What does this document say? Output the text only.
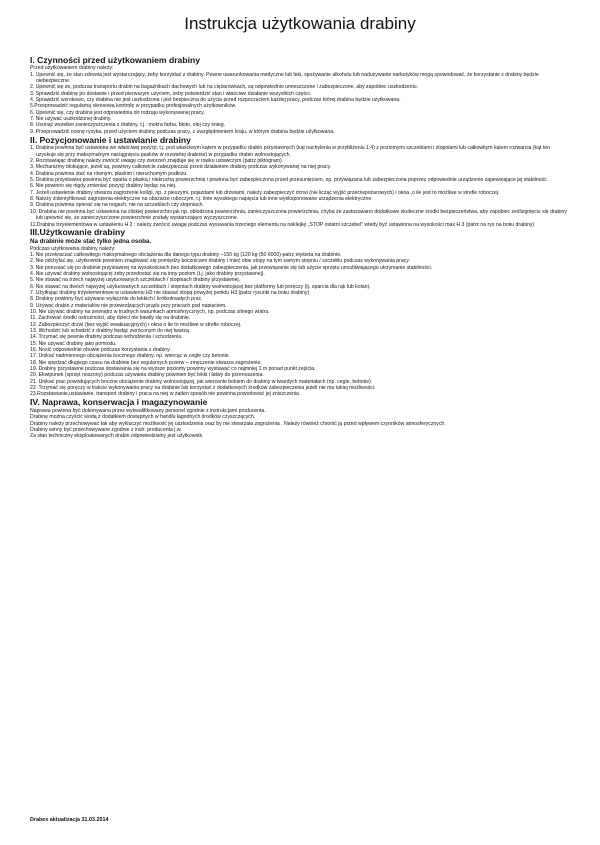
Instrukcja użytkowania drabiny

I. Czynności przed użytkowaniem drabiny

Przed użytkowaniem drabiny należy:

1. Upewnić się, że stan zdrowia jest wystarczający, żeby korzystać z drabiny. Pewne uwarunkowania medyczne lub leki, spożywanie alkoholu lub nadużywanie narkotyków mogą spowodować, że korzystanie z drabiny będzie niebezpieczne.

2. Upewnić się że, podczas transportu drabin na bagażnikach dachowych lub na ciężarówkach, są odpowiednio umieszczone i zabezpieczone, aby zapobiec uszkodzeniu.

3. Sprawdzić drabinę po dostawie i przed pierwszym użyciem, żeby potwierdzić stan i właściwe działanie wszystkich części.

4. Sprawdzić wzrokowo, czy drabina nie jest uszkodzona i jest bezpieczna do użycia przed rozpoczęciem każdej pracy, podczas której drabina będzie użytkowana.

5.Przeprowadzić regularną okresową kontrolę w przypadku profesjonalnych użytkowników.

6. Upewnić się, czy drabina jest odpowiednia do rodzaju wykonywanej pracy.

7. Nie używać uszkodzonej drabiny.

8. Usunąć wszelkie zanieczyszczenia z drabiny, t.j.: mokra farba, błoto, olej czy śnieg.

9. Przeprowadzić ocenę ryzyka, przed użyciem drabiny podczas pracy, z uwzględnieniem kraju, w którym drabina będzie użytkowana.

II. Pozycjonowanie i ustawianie drabiny

1. Drabina powinna być ustawiona we właściwej pozycji, t.j. pod właściwym kątem w przypadku drabin przystawnych (kąt nachylenia w przybliżeniu 1:4) z poziomymi szczeblami i stopniami lub całkowitym kątem rozwarcia (kąt ten uzyskuje się przy maksymalnym naciągnięciu pasków w rozwartej drabinie) w przypadku drabin wolnostojących.

2. Rozstawiając drabinę należy zwrócić uwagę czy zworzeń znajduje się w rowku ustawczym (patrz piktogram).

3. Mechanizmy blokujące, jeżeli są, powinny całkowicie zabezpieczać przed działaniem drabiny podczas wykonywanej na niej pracy.

4. Drabina powinna stać na równym, płaskim i nieruchomym podłożu.

5. Drabina przystawna powinna być oparta o płaską i niekruchą powierzchnię i powinna być zabezpieczona przed przesunięciem, np. przywiązana lub zabezpieczona poprzez odpowiednie urządzenie zapewniające jej stabilność.

6. Nie powinno się nigdy zmieniać pozycji drabiny będąc na niej.

7. Jeżeli ustawienie drabiny stwarza zagrożenie kolizji, np. z pieszymi, pojazdami lub drzwiami, należy zabezpieczyć drzwi (nie licząc wyjść przeciwpożarowych) i okna ,o ile jest to możliwe w strefie roboczej.

8. Należy zidentyfikować zagrożenia elektryczne na obszarze roboczym, t.j. linie wysokiego napięcia lub inne wyeksponowane urządzenia elektryczne.

9. Drabina powinna opierać się na nogach, nie na szczeblach czy stopniach.

10. Drabina nie powinna być ustawiona na śliskiej powierzchni jak np. oblodzona powierzchnia, zanieczyszczona powierzchnia, chyba że zastosowano dodatkowe skuteczne środki bezpieczeństwa, aby zapobiec ześlizgnięciu się drabiny lub upewnić się, że zanieczyszczone powierzchnie zostały wystarczająco wyczyszczone.

11.Drabina trzyelementowa w ustawieniu H 2 : należy zwrócić uwagę podczas wysuwania trzeciego elementu na naklejkę „STOP ostatni szczebel" wtedy być ustawiona na wysokości max H 3 (patrz na rys na boku drabiny)

III.Użytkowanie drabiny

Na drabinie może stać tylko jedna osoba.

Podczas użytkowania drabiny należy:

1. Nie przekraczać całkowitego maksymalnego obciążenia dla danego typu drabiny –150 kg (120 kg (50 6000)-patrz etykieta na drabinie.

2. Nie odchylać się, użytkownik powinien znajdować się pomiędzy bocznicami drabiny i mieć obie stopy na tym samym stopniu / szczeblu podczas wykonywania pracy.

3. Nie poruszać się po drabinie przystawnej na wysokościach bez dodatkowego zabezpieczenia, jak przewiązanie się lub użycie sprzętu umożliwiającego utrzymanie stabilności.

4. Nie używać drabiny wolnostojącej żeby przedostać się na inny poziom (t.j. jako drabiny przystawnej).

5. Nie stawać na trzech najwyżej usytuowanych szczeblach / stopniach drabiny przystawnej.

6. Nie stawać na dwóch najwyżej usytuowanych szczeblach / stopniach drabiny wolnostojącej bez platformy lub poręczy (tj. oparcia dla rąk lub kolan).

7. Użytkując drabiny trzyelementowe w ustawieniu H2 nie stawać stopą powyżej punktu H3 (patrz rysunki na boku drabiny)

8. Drabiny powinny być używane wyłącznie do lekkich i krótkotrwałych prac.

9. Używać drabin z materiałów nie przewodzących prądu przy pracach pod napięciem.

10. Nie używać drabiny na zewnątrz w trudnych warunkach atmosferycznych, np. podczas silnego wiatru.

11. Zachować środki ostrożności, aby dzieci nie bawiły się na drabinie.

12. Zabezpieczyć drzwi (bez wyjść ewakuacyjnych) i okna o ile to możliwe w strefie roboczej.

13. Wchodzić lub schodzić z drabiny będąc zwróconym do niej twarzą.

14. Trzymać się pewnie drabiny podczas wchodzenia i schodzenia.

15. Nie używać drabiny jako pomostu.

16. Nosić odpowiednie obuwie podczas korzystania z drabiny.

17. Unikać nadmiernego obciążenia bocznego drabiny, np. wiercąc w cegle czy betonie.

18. Nie spędzać długiego czasu na drabinie bez regularnych przerw – zmęczenie stwarza zagrożenie.

19. Drabiny przystawne podczas dostawania się na wyższe poziomy powinny wystawać co najmniej 1 m ponad punkt zejścia.

20. Ekwipunek (sprzęt noszony) podczas używania drabiny powinien być lekki i łatwy do przenoszenia.

21. Unikać prac powodujących boczne obciążenie drabiny wolnostojącej, jak wiercenie bokiem do drabiny w twardych materiałach (np. cegle, betonie).

22. Trzymać się poręczy w trakcie wykonywania pracy na drabinie lub korzystać z dodatkowych środków zabezpieczenia jeżeli nie ma takiej możliwości.

23.Rozstawianie,ustawianie, transport drabiny i praca na niej w żaden sposób nie powinna powodować jej zniszczenia .

IV. Naprawa, konserwacja i magazynowanie

Naprawa powinna być dokonywana przez wykwalifikowany personel zgodnie z instrukcjami producenta.

Drabinę można czyścić wodą z dodatkiem dostępnych w handlu łagodnych środków czyszczących.

Drabiny należy przechowywać tak aby wykluczyć możliwość jej uszkodzenia oraz by nie stwarzała zagrożenia . Należy również chronić ją przed wpływem czynników atmosferycznych.

Drabiny winny być przechowywane zgodnie z instr. producenta j.w.

Za stan techniczny eksploatowanych drabin odpowiedzialny jest użytkownik.

Drabex aktualizacja 31.03.2014
